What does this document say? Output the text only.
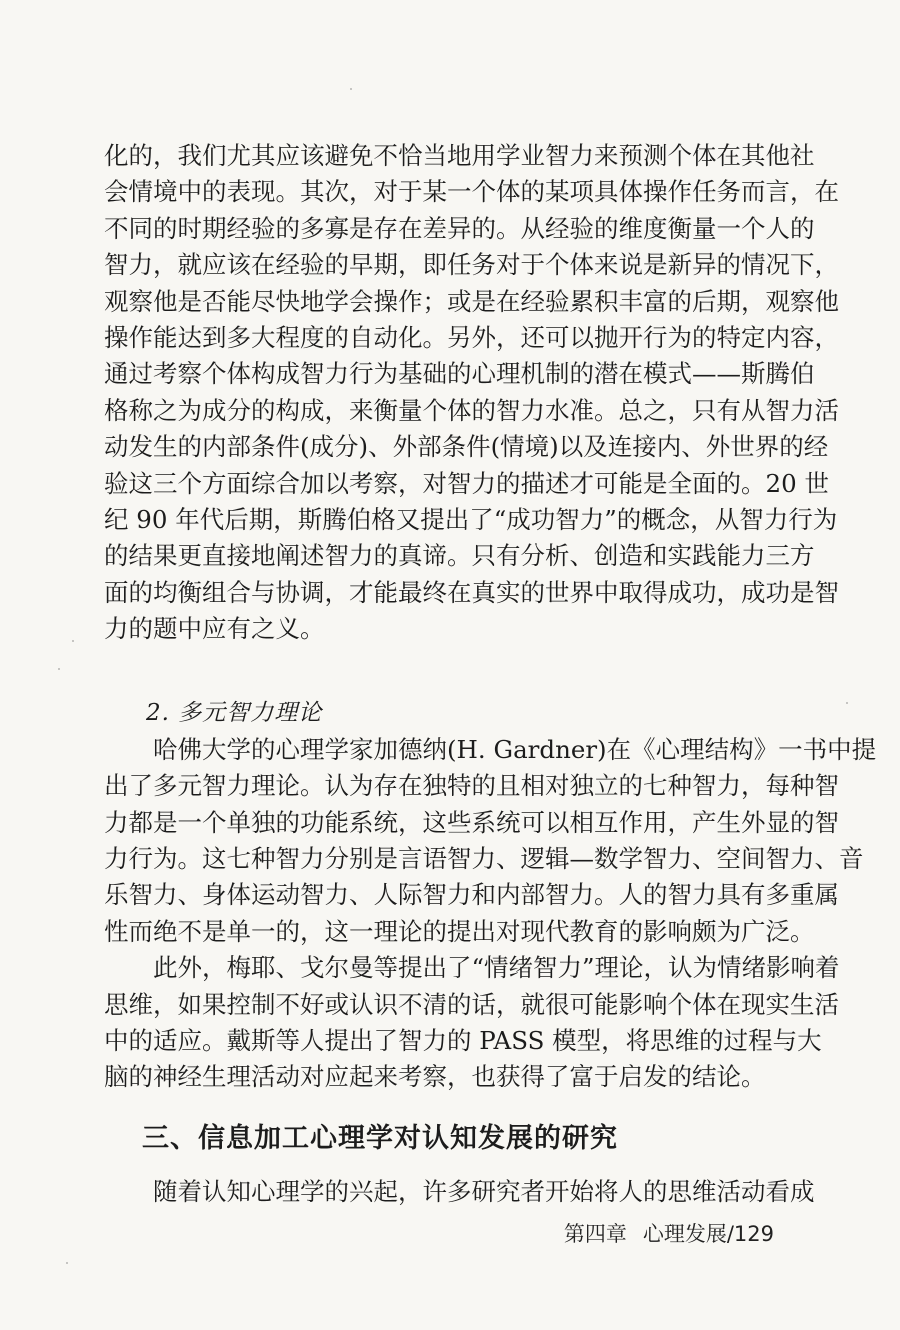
化的，我们尤其应该避免不恰当地用学业智力来预测个体在其他社
会情境中的表现。其次，对于某一个体的某项具体操作任务而言，在
不同的时期经验的多寡是存在差异的。从经验的维度衡量一个人的
智力，就应该在经验的早期，即任务对于个体来说是新异的情况下，
观察他是否能尽快地学会操作；或是在经验累积丰富的后期，观察他
操作能达到多大程度的自动化。另外，还可以抛开行为的特定内容，
通过考察个体构成智力行为基础的心理机制的潜在模式——斯腾伯
格称之为成分的构成，来衡量个体的智力水准。总之，只有从智力活
动发生的内部条件(成分)、外部条件(情境)以及连接内、外世界的经
验这三个方面综合加以考察，对智力的描述才可能是全面的。20 世
纪 90 年代后期，斯腾伯格又提出了“成功智力”的概念，从智力行为
的结果更直接地阐述智力的真谛。只有分析、创造和实践能力三方
面的均衡组合与协调，才能最终在真实的世界中取得成功，成功是智
力的题中应有之义。
2. 多元智力理论
　　哈佛大学的心理学家加德纳(H. Gardner)在《心理结构》一书中提
出了多元智力理论。认为存在独特的且相对独立的七种智力，每种智
力都是一个单独的功能系统，这些系统可以相互作用，产生外显的智
力行为。这七种智力分别是言语智力、逻辑—数学智力、空间智力、音
乐智力、身体运动智力、人际智力和内部智力。人的智力具有多重属
性而绝不是单一的，这一理论的提出对现代教育的影响颇为广泛。
　　此外，梅耶、戈尔曼等提出了“情绪智力”理论，认为情绪影响着
思维，如果控制不好或认识不清的话，就很可能影响个体在现实生活
中的适应。戴斯等人提出了智力的 PASS 模型，将思维的过程与大
脑的神经生理活动对应起来考察，也获得了富于启发的结论。
三、信息加工心理学对认知发展的研究
　　随着认知心理学的兴起，许多研究者开始将人的思维活动看成
第四章 心理发展/129
